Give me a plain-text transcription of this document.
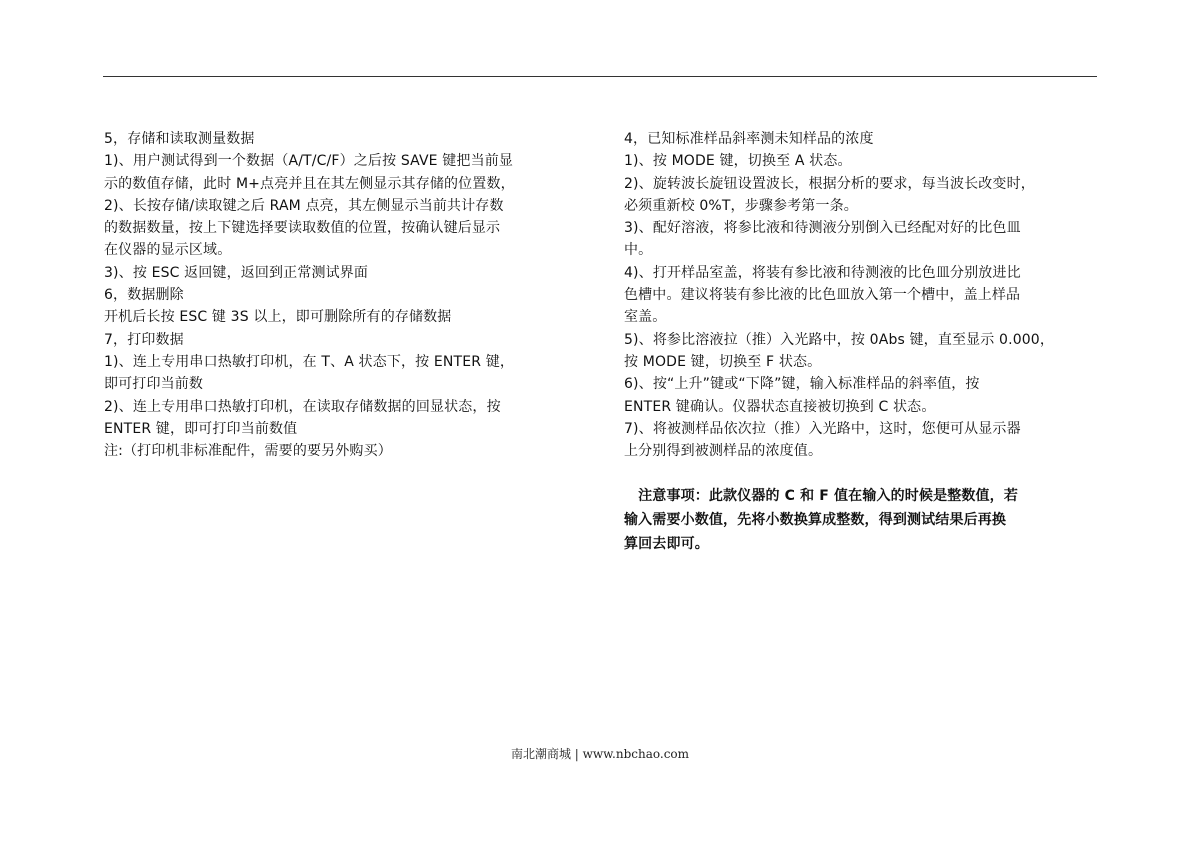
5，存储和读取测量数据
1)、用户测试得到一个数据（A/T/C/F）之后按 SAVE 键把当前显
示的数值存储，此时 M+点亮并且在其左侧显示其存储的位置数，
2)、长按存储/读取键之后 RAM 点亮，其左侧显示当前共计存数
的数据数量，按上下键选择要读取数值的位置，按确认键后显示
在仪器的显示区域。
3)、按 ESC 返回键，返回到正常测试界面
6，数据删除
开机后长按 ESC 键 3S 以上，即可删除所有的存储数据
7，打印数据
1)、连上专用串口热敏打印机，在 T、A 状态下，按 ENTER 键，
即可打印当前数
2)、连上专用串口热敏打印机，在读取存储数据的回显状态，按
ENTER 键，即可打印当前数值
注:（打印机非标准配件，需要的要另外购买）
4，已知标准样品斜率测未知样品的浓度
1)、按 MODE 键，切换至 A 状态。
2)、旋转波长旋钮设置波长，根据分析的要求，每当波长改变时，
必须重新校 0%T，步骤参考第一条。
3)、配好溶液，将参比液和待测液分别倒入已经配对好的比色皿
中。
4)、打开样品室盖，将装有参比液和待测液的比色皿分别放进比
色槽中。建议将装有参比液的比色皿放入第一个槽中，盖上样品
室盖。
5)、将参比溶液拉（推）入光路中，按 0Abs 键，直至显示 0.000，
按 MODE 键，切换至 F 状态。
6)、按“上升”键或“下降”键，输入标准样品的斜率值，按
ENTER 键确认。仪器状态直接被切换到 C 状态。
7)、将被测样品依次拉（推）入光路中，这时，您便可从显示器
上分别得到被测样品的浓度值。
　注意事项：此款仪器的 C 和 F 值在输入的时候是整数值，若
输入需要小数值，先将小数换算成整数，得到测试结果后再换
算回去即可。
南北潮商城 | www.nbchao.com
